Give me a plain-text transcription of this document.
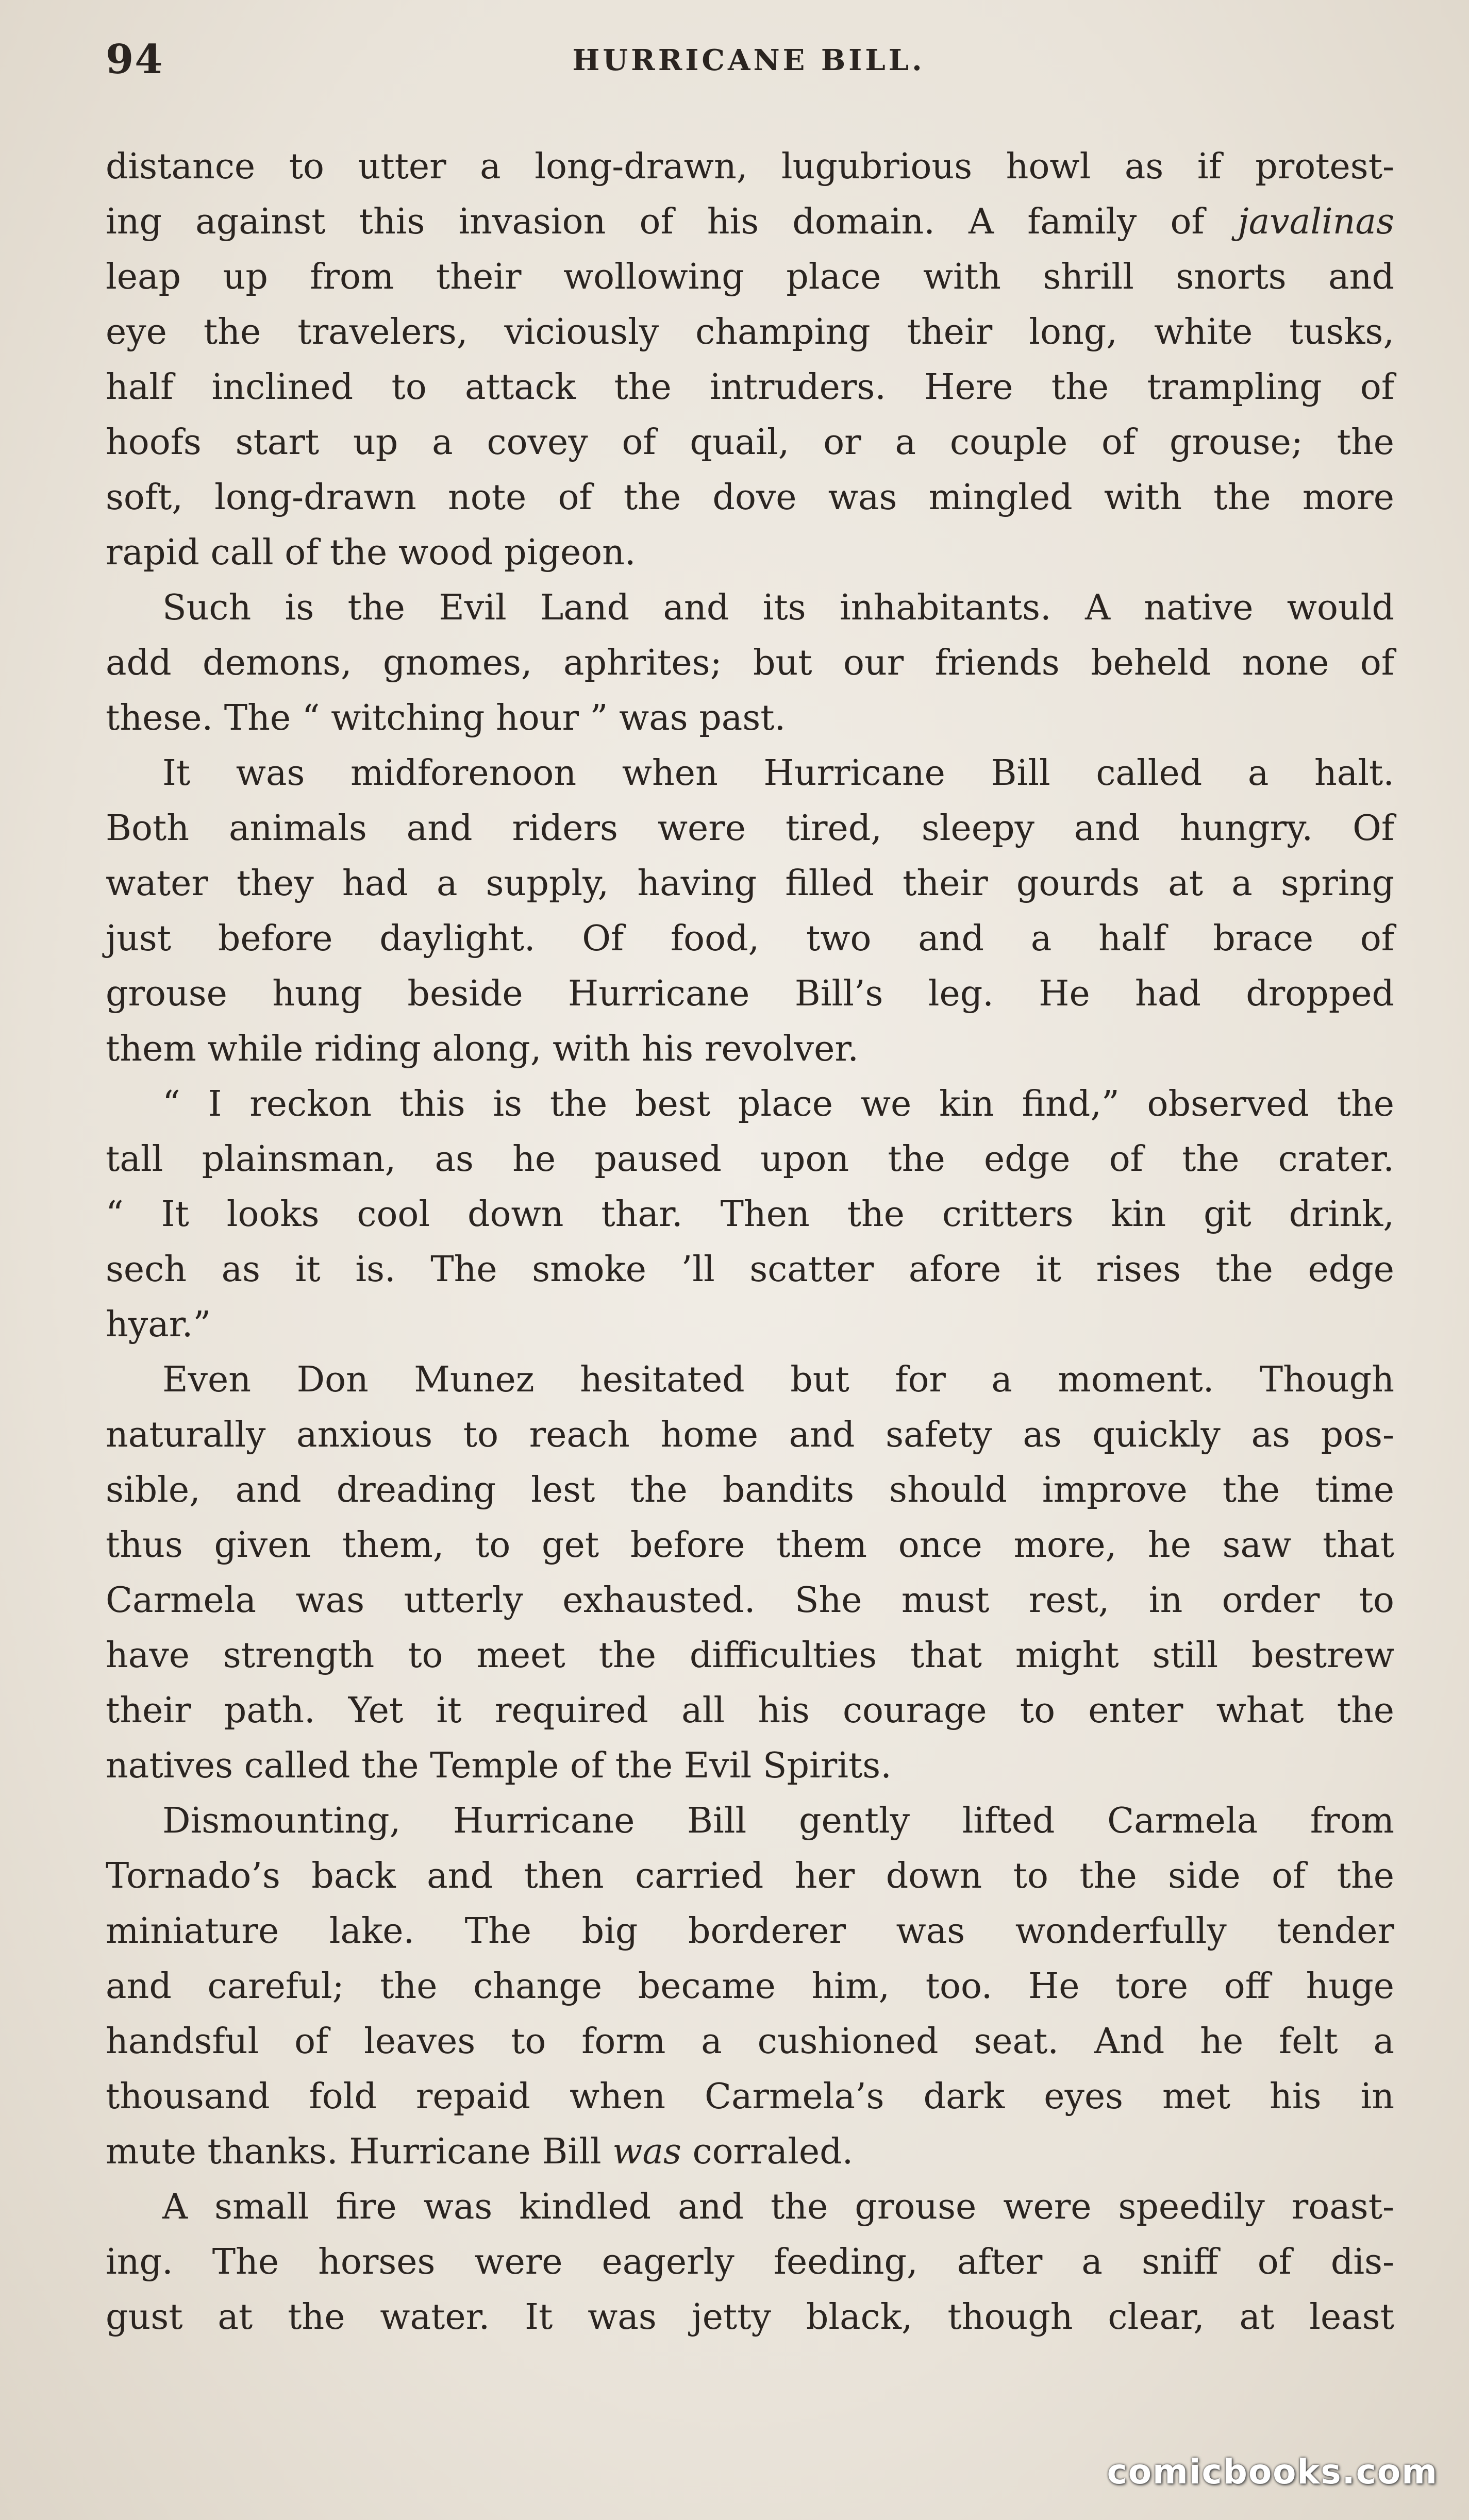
94	HURRICANE BILL.
distance to utter a long-drawn, lugubrious howl as if protest-
ing against this invasion of his domain. A family of javalinas
leap up from their wollowing place with shrill snorts and
eye the travelers, viciously champing their long, white tusks,
half inclined to attack the intruders. Here the trampling of
hoofs start up a covey of quail, or a couple of grouse; the
soft, long-drawn note of the dove was mingled with the more
rapid call of the wood pigeon.
Such is the Evil Land and its inhabitants. A native would
add demons, gnomes, aphrites; but our friends beheld none of
these. The “ witching hour ” was past.
It was midforenoon when Hurricane Bill called a halt.
Both animals and riders were tired, sleepy and hungry. Of
water they had a supply, having filled their gourds at a spring
just before daylight. Of food, two and a half brace of
grouse hung beside Hurricane Bill’s leg. He had dropped
them while riding along, with his revolver.
“ I reckon this is the best place we kin find,” observed the
tall plainsman, as he paused upon the edge of the crater.
“ It looks cool down thar. Then the critters kin git drink,
sech as it is. The smoke ’ll scatter afore it rises the edge
hyar.”
Even Don Munez hesitated but for a moment. Though
naturally anxious to reach home and safety as quickly as pos-
sible, and dreading lest the bandits should improve the time
thus given them, to get before them once more, he saw that
Carmela was utterly exhausted. She must rest, in order to
have strength to meet the difficulties that might still bestrew
their path. Yet it required all his courage to enter what the
natives called the Temple of the Evil Spirits.
Dismounting, Hurricane Bill gently lifted Carmela from
Tornado’s back and then carried her down to the side of the
miniature lake. The big borderer was wonderfully tender
and careful; the change became him, too. He tore off huge
handsful of leaves to form a cushioned seat. And he felt a
thousand fold repaid when Carmela’s dark eyes met his in
mute thanks. Hurricane Bill was corraled.
A small fire was kindled and the grouse were speedily roast-
ing. The horses were eagerly feeding, after a sniff of dis-
gust at the water. It was jetty black, though clear, at least
comicbooks.com
